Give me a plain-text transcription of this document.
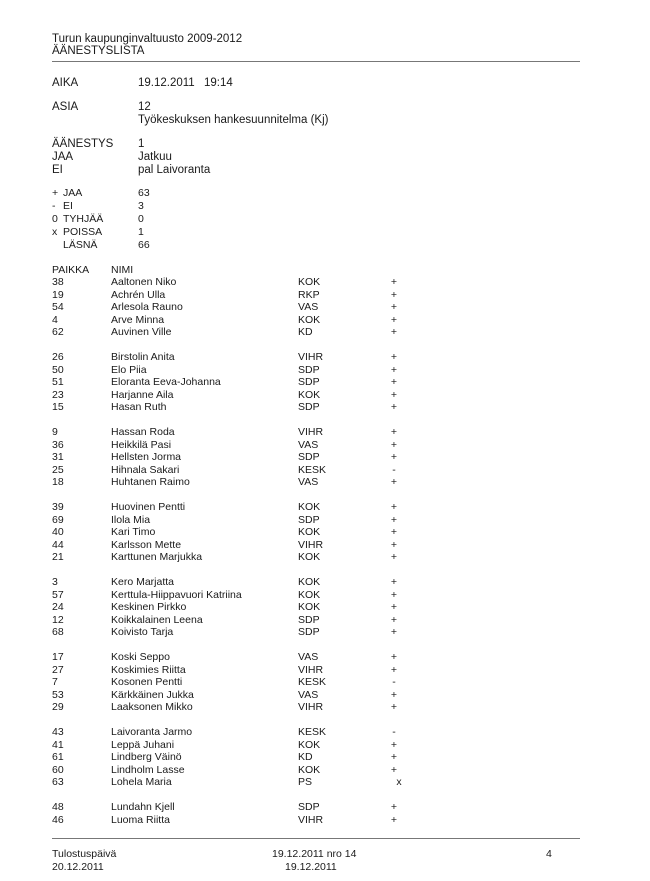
Turun kaupunginvaltuusto 2009-2012
ÄÄNESTYSLISTA
AIKA	19.12.2011 19:14
ASIA	12
Työkeskuksen hankesuunnitelma (Kj)
ÄÄNESTYS 1
JAA	Jatkuu
EI	pal Laivoranta
+ JAA	63
- EI	3
0 TYHJÄÄ	0
x POISSA	1
LÄSNÄ	66
PAIKKA NIMI
38	Aaltonen Niko	KOK	+
19	Achrén Ulla	RKP	+
54	Arlesola Rauno	VAS	+
4	Arve Minna	KOK	+
62	Auvinen Ville	KD	+
26	Birstolin Anita	VIHR	+
50	Elo Piia	SDP	+
51	Eloranta Eeva-Johanna	SDP	+
23	Harjanne Aila	KOK	+
15	Hasan Ruth	SDP	+
9	Hassan Roda	VIHR	+
36	Heikkilä Pasi	VAS	+
31	Hellsten Jorma	SDP	+
25	Hihnala Sakari	KESK	-
18	Huhtanen Raimo	VAS	+
39	Huovinen Pentti	KOK	+
69	Ilola Mia	SDP	+
40	Kari Timo	KOK	+
44	Karlsson Mette	VIHR	+
21	Karttunen Marjukka	KOK	+
3	Kero Marjatta	KOK	+
57	Kerttula-Hiippavuori Katriina	KOK	+
24	Keskinen Pirkko	KOK	+
12	Koikkalainen Leena	SDP	+
68	Koivisto Tarja	SDP	+
17	Koski Seppo	VAS	+
27	Koskimies Riitta	VIHR	+
7	Kosonen Pentti	KESK	-
53	Kärkkäinen Jukka	VAS	+
29	Laaksonen Mikko	VIHR	+
43	Laivoranta Jarmo	KESK	-
41	Leppä Juhani	KOK	+
61	Lindberg Väinö	KD	+
60	Lindholm Lasse	KOK	+
63	Lohela Maria	PS	x
48	Lundahn Kjell	SDP	+
46	Luoma Riitta	VIHR	+
Tulostuspäivä
20.12.2011
19.12.2011 nro 14
19.12.2011
4
